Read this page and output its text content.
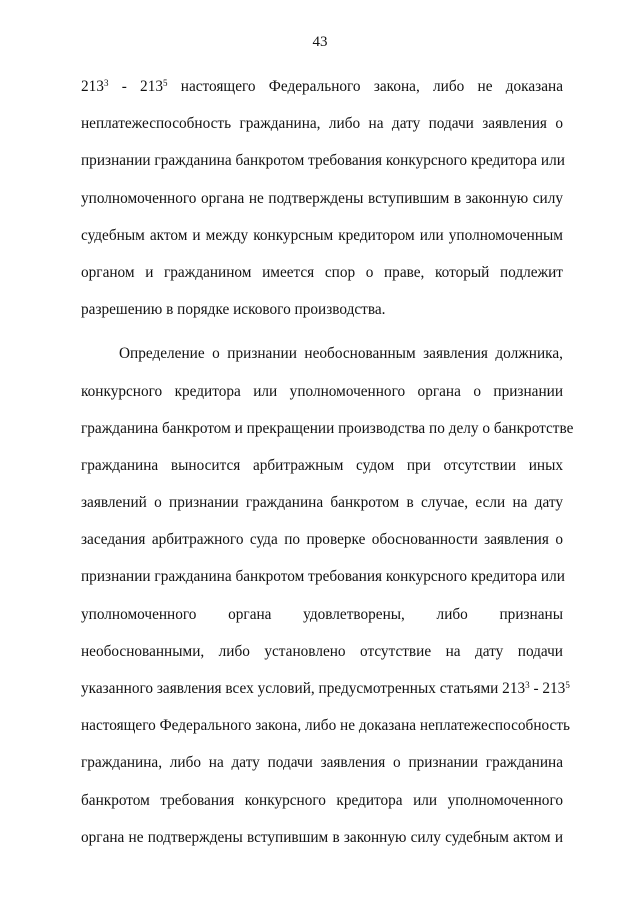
43
$213^3 - 213^5$ настоящего Федерального закона, либо не доказана
неплатежеспособность гражданина, либо на дату подачи заявления о
признании гражданина банкротом требования конкурсного кредитора или
уполномоченного органа не подтверждены вступившим в законную силу
судебным актом и между конкурсным кредитором или уполномоченным
органом и гражданином имеется спор о праве, который подлежит
разрешению в порядке искового производства.
Определение о признании необоснованным заявления должника,
конкурсного кредитора или уполномоченного органа о признании
гражданина банкротом и прекращении производства по делу о банкротстве
гражданина выносится арбитражным судом при отсутствии иных
заявлений о признании гражданина банкротом в случае, если на дату
заседания арбитражного суда по проверке обоснованности заявления о
признании гражданина банкротом требования конкурсного кредитора или
уполномоченного органа удовлетворены, либо признаны
необоснованными, либо установлено отсутствие на дату подачи
указанного заявления всех условий, предусмотренных статьями $213^3 - 213^5$
настоящего Федерального закона, либо не доказана неплатежеспособность
гражданина, либо на дату подачи заявления о признании гражданина
банкротом требования конкурсного кредитора или уполномоченного
органа не подтверждены вступившим в законную силу судебным актом и
